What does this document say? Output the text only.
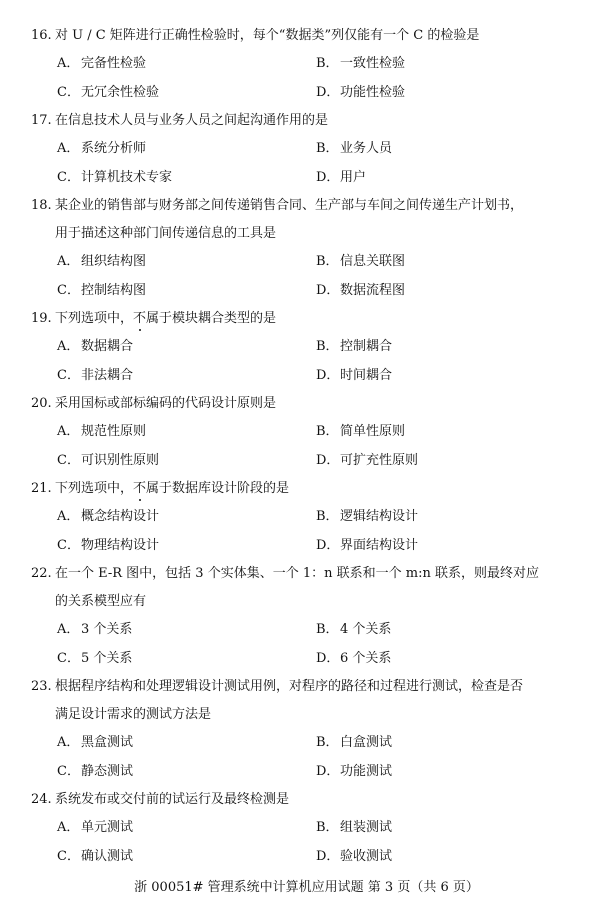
16. 对 U / C 矩阵进行正确性检验时，每个“数据类”列仅能有一个 C 的检验是
A． 完备性检验	B．一致性检验
C．无冗余性检验	D．功能性检验
17. 在信息技术人员与业务人员之间起沟通作用的是
A． 系统分析师	B．业务人员
C．计算机技术专家	D．用户
18. 某企业的销售部与财务部之间传递销售合同、生产部与车间之间传递生产计划书，
用于描述这种部门间传递信息的工具是
A． 组织结构图	B．信息关联图
C．控制结构图	D．数据流程图
19. 下列选项中，不属于模块耦合类型的是
A． 数据耦合	B．控制耦合
C．非法耦合	D．时间耦合
20. 采用国标或部标编码的代码设计原则是
A． 规范性原则	B．简单性原则
C．可识别性原则	D．可扩充性原则
21. 下列选项中，不属于数据库设计阶段的是
A． 概念结构设计	B．逻辑结构设计
C．物理结构设计	D．界面结构设计
22. 在一个 E-R 图中，包括 3 个实体集、一个 1：n 联系和一个 m:n 联系，则最终对应
的关系模型应有
A． 3 个关系	B．4 个关系
C．5 个关系	D．6 个关系
23. 根据程序结构和处理逻辑设计测试用例，对程序的路径和过程进行测试，检查是否
满足设计需求的测试方法是
A． 黑盒测试	B．白盒测试
C．静态测试	D．功能测试
24. 系统发布或交付前的试运行及最终检测是
A． 单元测试	B．组装测试
C．确认测试	D．验收测试
浙 00051# 管理系统中计算机应用试题 第 3 页（共 6 页）
